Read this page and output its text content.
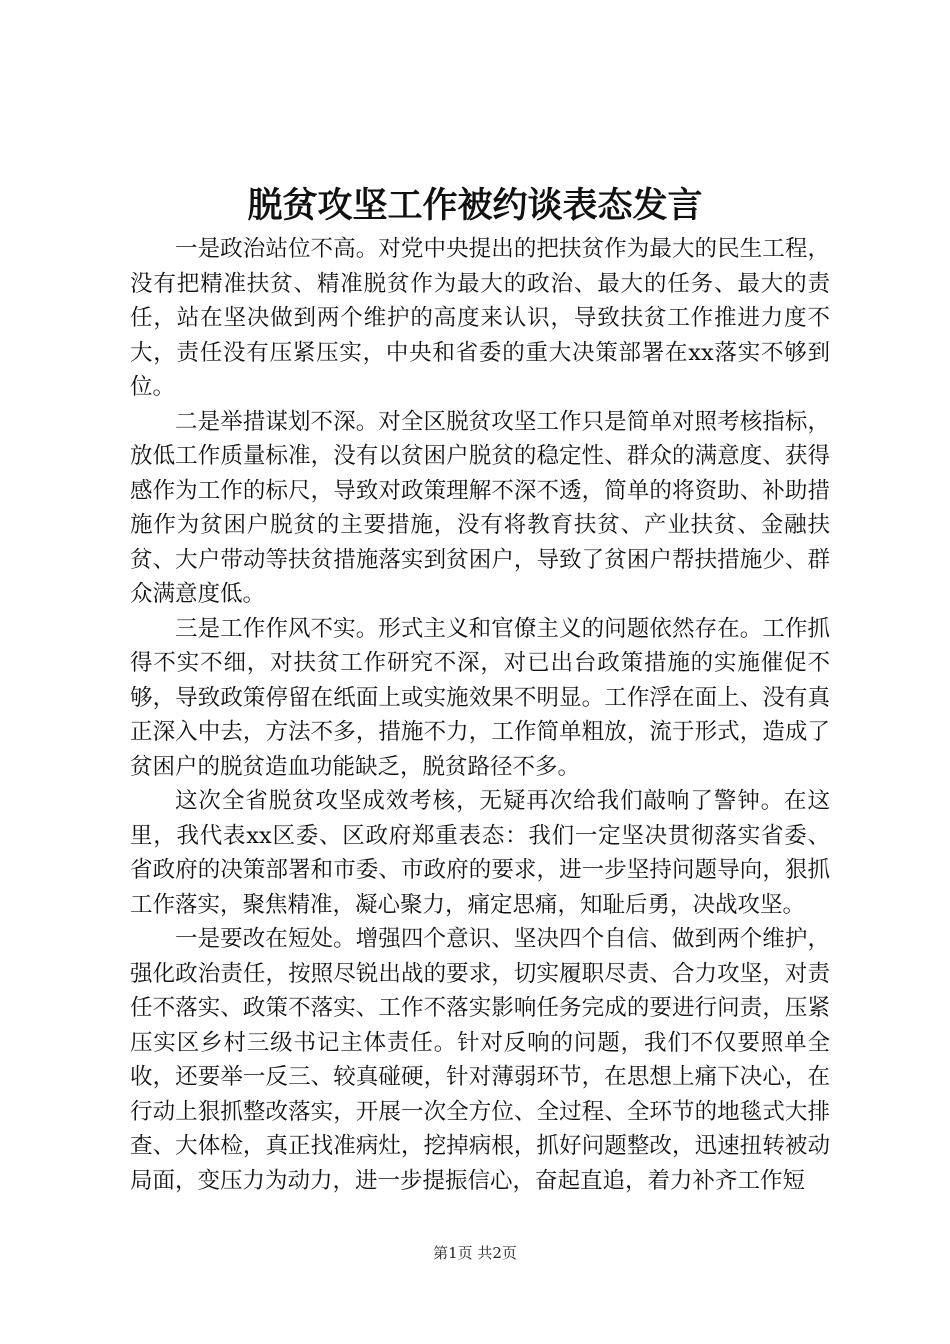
脱贫攻坚工作被约谈表态发言

一是政治站位不高。对党中央提出的把扶贫作为最大的民生工程，没有把精准扶贫、精准脱贫作为最大的政治、最大的任务、最大的责任，站在坚决做到两个维护的高度来认识，导致扶贫工作推进力度不大，责任没有压紧压实，中央和省委的重大决策部署在xx落实不够到位。

二是举措谋划不深。对全区脱贫攻坚工作只是简单对照考核指标，放低工作质量标准，没有以贫困户脱贫的稳定性、群众的满意度、获得感作为工作的标尺，导致对政策理解不深不透，简单的将资助、补助措施作为贫困户脱贫的主要措施，没有将教育扶贫、产业扶贫、金融扶贫、大户带动等扶贫措施落实到贫困户，导致了贫困户帮扶措施少、群众满意度低。

三是工作作风不实。形式主义和官僚主义的问题依然存在。工作抓得不实不细，对扶贫工作研究不深，对已出台政策措施的实施催促不够，导致政策停留在纸面上或实施效果不明显。工作浮在面上、没有真正深入中去，方法不多，措施不力，工作简单粗放，流于形式，造成了贫困户的脱贫造血功能缺乏，脱贫路径不多。

这次全省脱贫攻坚成效考核，无疑再次给我们敲响了警钟。在这里，我代表xx区委、区政府郑重表态：我们一定坚决贯彻落实省委、省政府的决策部署和市委、市政府的要求，进一步坚持问题导向，狠抓工作落实，聚焦精准，凝心聚力，痛定思痛，知耻后勇，决战攻坚。

一是要改在短处。增强四个意识、坚决四个自信、做到两个维护，强化政治责任，按照尽锐出战的要求，切实履职尽责、合力攻坚，对责任不落实、政策不落实、工作不落实影响任务完成的要进行问责，压紧压实区乡村三级书记主体责任。针对反响的问题，我们不仅要照单全收，还要举一反三、较真碰硬，针对薄弱环节，在思想上痛下决心，在行动上狠抓整改落实，开展一次全方位、全过程、全环节的地毯式大排查、大体检，真正找准病灶，挖掉病根，抓好问题整改，迅速扭转被动局面，变压力为动力，进一步提振信心，奋起直追，着力补齐工作短

第1页 共2页
